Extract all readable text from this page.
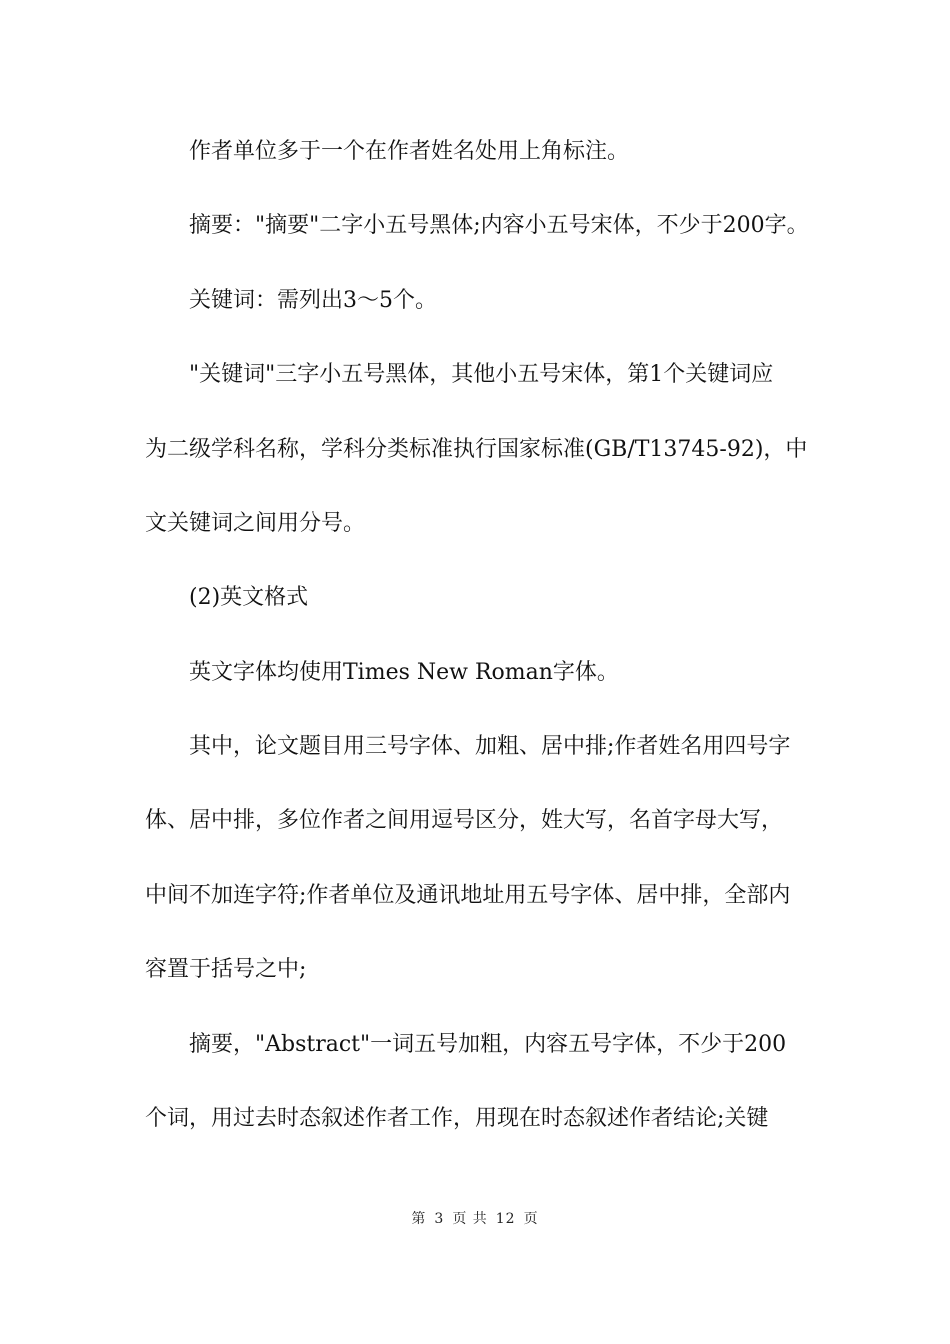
作者单位多于一个在作者姓名处用上角标注。
摘要："摘要"二字小五号黑体;内容小五号宋体，不少于200字。
关键词：需列出3～5个。
"关键词"三字小五号黑体，其他小五号宋体，第1个关键词应
为二级学科名称，学科分类标准执行国家标准(GB/T13745-92)，中
文关键词之间用分号。
(2)英文格式
英文字体均使用Times New Roman字体。
其中，论文题目用三号字体、加粗、居中排;作者姓名用四号字
体、居中排，多位作者之间用逗号区分，姓大写，名首字母大写，
中间不加连字符;作者单位及通讯地址用五号字体、居中排，全部内
容置于括号之中;
摘要，"Abstract"一词五号加粗，内容五号字体，不少于200
个词，用过去时态叙述作者工作，用现在时态叙述作者结论;关键
第 3 页 共 12 页
